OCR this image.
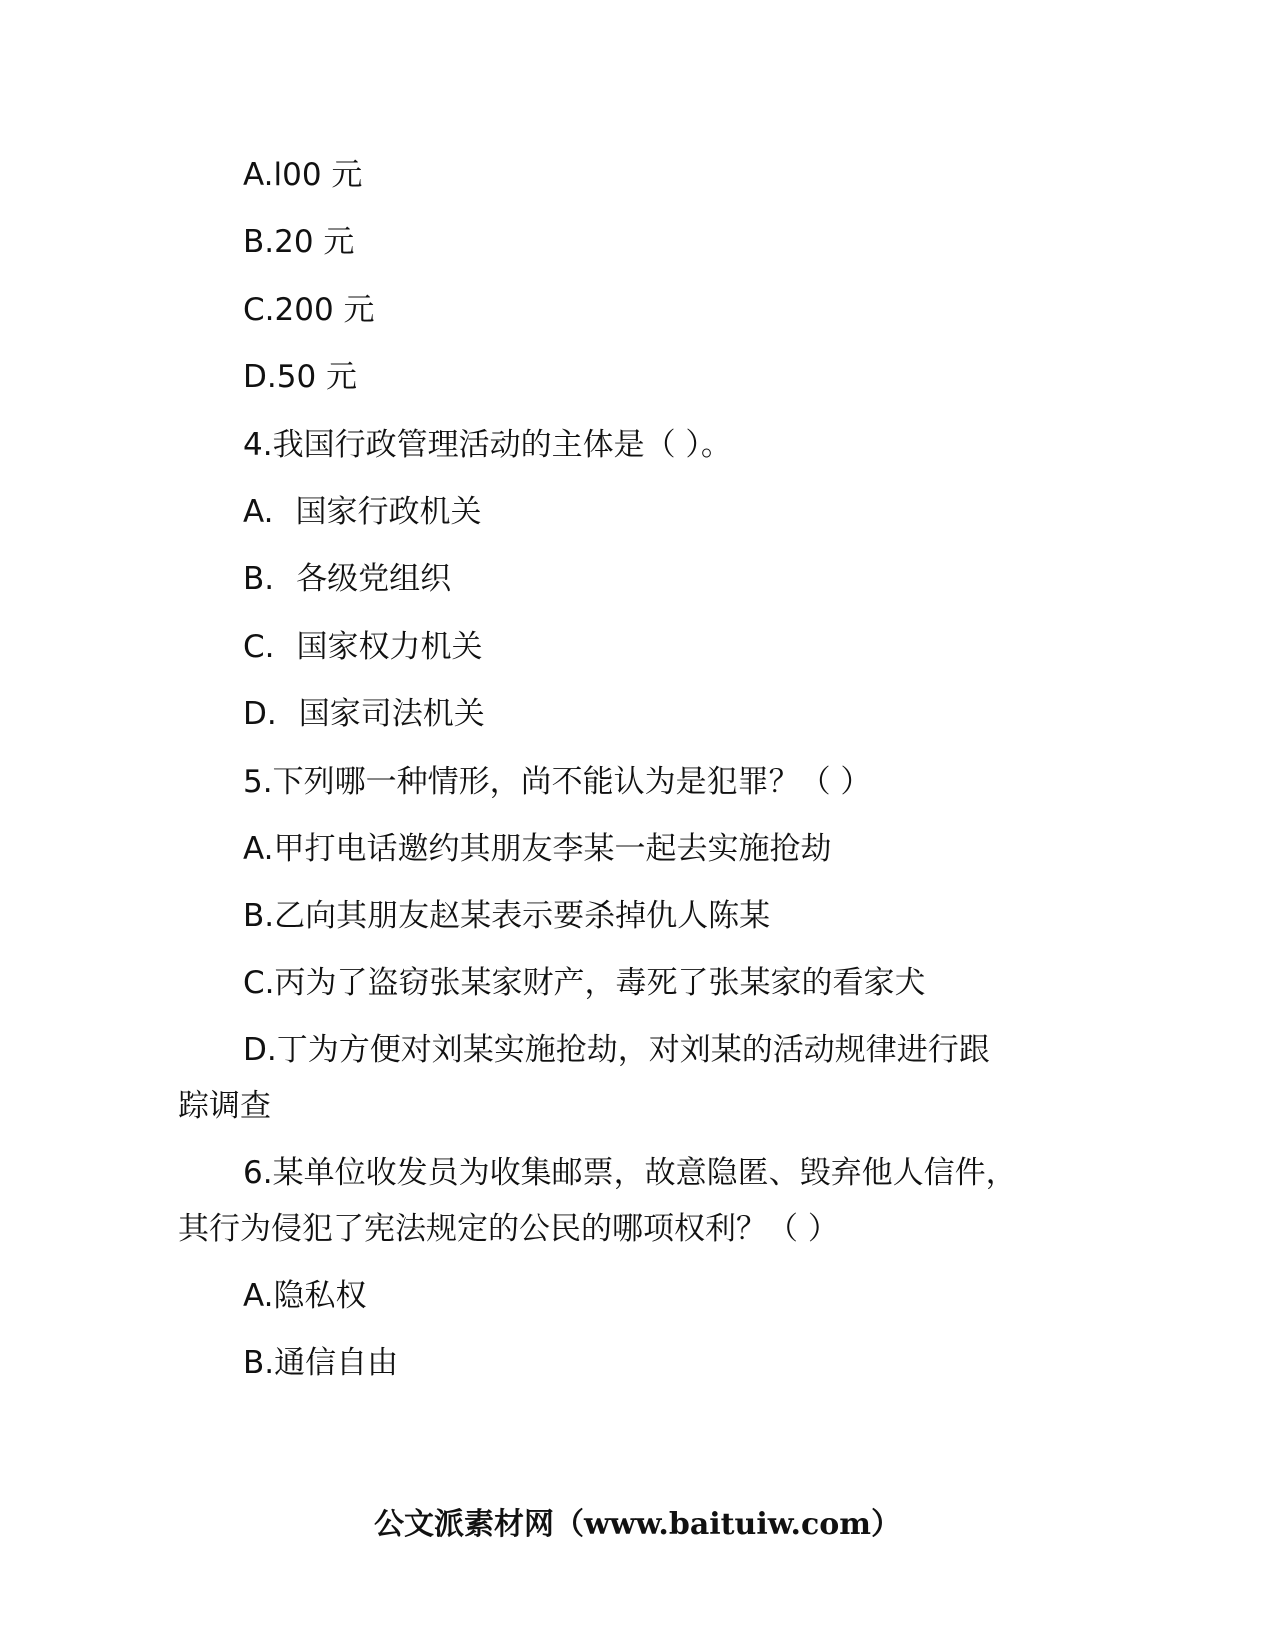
A.l00 元
B.20 元
C.200 元
D.50 元
4.我国行政管理活动的主体是（ ）。
A. 国家行政机关
B. 各级党组织
C. 国家权力机关
D. 国家司法机关
5.下列哪一种情形，尚不能认为是犯罪？（ ）
A.甲打电话邀约其朋友李某一起去实施抢劫
B.乙向其朋友赵某表示要杀掉仇人陈某
C.丙为了盗窃张某家财产，毒死了张某家的看家犬
D.丁为方便对刘某实施抢劫，对刘某的活动规律进行跟
踪调查
6.某单位收发员为收集邮票，故意隐匿、毁弃他人信件，
其行为侵犯了宪法规定的公民的哪项权利？（ ）
A.隐私权
B.通信自由
公文派素材网（www.baituiw.com）
